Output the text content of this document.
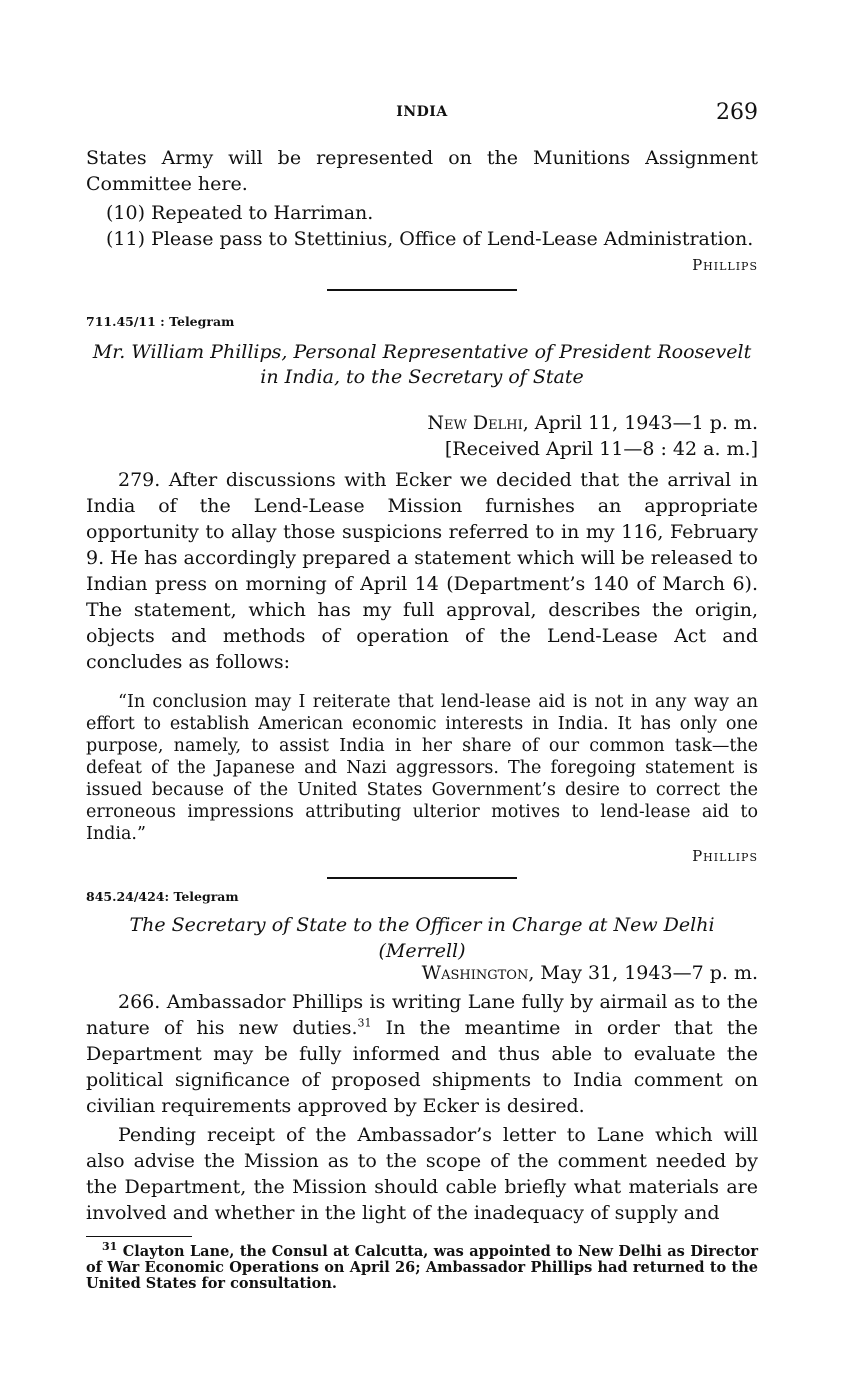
INDIA	269
States Army will be represented on the Munitions Assignment Committee here.
(10) Repeated to Harriman.
(11) Please pass to Stettinius, Office of Lend-Lease Administration.
Phillips
711.45/11 : Telegram
Mr. William Phillips, Personal Representative of President Roosevelt
in India, to the Secretary of State
New Delhi, April 11, 1943—1 p. m.
[Received April 11—8 : 42 a. m.]
279. After discussions with Ecker we decided that the arrival in India of the Lend-Lease Mission furnishes an appropriate opportunity to allay those suspicions referred to in my 116, February 9. He has accordingly prepared a statement which will be released to Indian press on morning of April 14 (Department’s 140 of March 6). The statement, which has my full approval, describes the origin, objects and methods of operation of the Lend-Lease Act and concludes as follows:
“In conclusion may I reiterate that lend-lease aid is not in any way an effort to establish American economic interests in India. It has only one purpose, namely, to assist India in her share of our common task—the defeat of the Japanese and Nazi aggressors. The foregoing statement is issued because of the United States Government’s desire to correct the erroneous impressions attributing ulterior motives to lend-lease aid to India.”
Phillips
845.24/424: Telegram
The Secretary of State to the Officer in Charge at New Delhi (Merrell)
Washington, May 31, 1943—7 p. m.
266. Ambassador Phillips is writing Lane fully by airmail as to the nature of his new duties.$^{31}$ In the meantime in order that the Department may be fully informed and thus able to evaluate the political significance of proposed shipments to India comment on civilian requirements approved by Ecker is desired.
Pending receipt of the Ambassador’s letter to Lane which will also advise the Mission as to the scope of the comment needed by the Department, the Mission should cable briefly what materials are involved and whether in the light of the inadequacy of supply and
$^{31}$ Clayton Lane, the Consul at Calcutta, was appointed to New Delhi as Director of War Economic Operations on April 26; Ambassador Phillips had returned to the United States for consultation.
